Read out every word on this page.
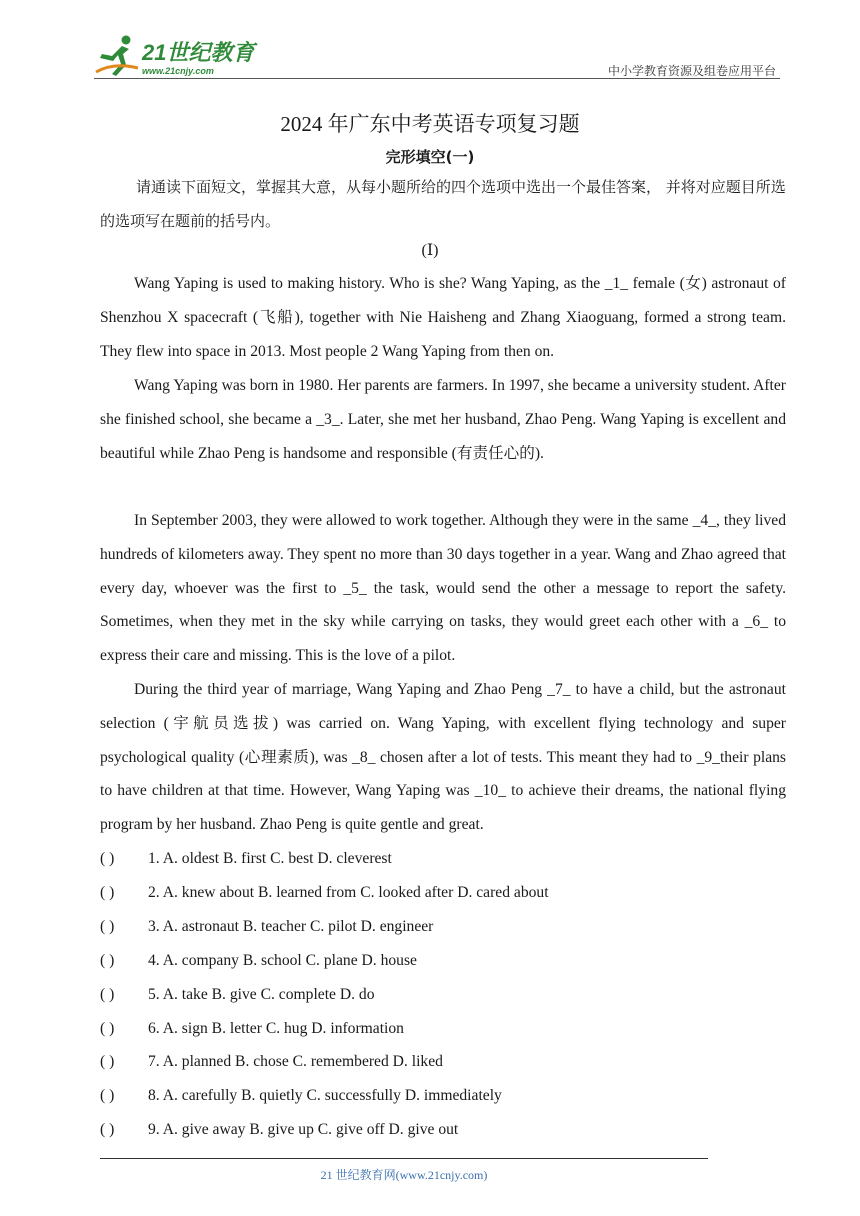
21世纪教育
www.21cnjy.com	中小学教育资源及组卷应用平台
2024 年广东中考英语专项复习题
完形填空(一)
请通读下面短文，掌握其大意，从每小题所给的四个选项中选出一个最佳答案， 并将对应题目所选的选项写在题前的括号内。
(Ⅰ)

Wang Yaping is used to making history. Who is she? Wang Yaping, as the _1_ female (女) astronaut of Shenzhou X spacecraft (飞船), together with Nie Haisheng and Zhang Xiaoguang, formed a strong team. They flew into space in 2013. Most people 2 Wang Yaping from then on.

Wang Yaping was born in 1980. Her parents are farmers. In 1997, she became a university student. After she finished school, she became a _3_. Later, she met her husband, Zhao Peng. Wang Yaping is excellent and beautiful while Zhao Peng is handsome and responsible (有责任心的).

In September 2003, they were allowed to work together. Although they were in the same _4_, they lived hundreds of kilometers away. They spent no more than 30 days together in a year. Wang and Zhao agreed that every day, whoever was the first to _5_ the task, would send the other a message to report the safety. Sometimes, when they met in the sky while carrying on tasks, they would greet each other with a _6_ to express their care and missing. This is the love of a pilot.

During the third year of marriage, Wang Yaping and Zhao Peng _7_ to have a child, but the astronaut selection (宇航员选拔) was carried on. Wang Yaping, with excellent flying technology and super psychological quality (心理素质), was _8_ chosen after a lot of tests. This meant they had to _9_their plans to have children at that time. However, Wang Yaping was _10_ to achieve their dreams, the national flying program by her husband. Zhao Peng is quite gentle and great.

( )	1. A. oldest B. first C. best D. cleverest
( )	2. A. knew about B. learned from C. looked after D. cared about
( )	3. A. astronaut B. teacher C. pilot D. engineer
( )	4. A. company B. school C. plane D. house
( )	5. A. take B. give C. complete D. do
( )	6. A. sign B. letter C. hug D. information
( )	7. A. planned B. chose C. remembered D. liked
( )	8. A. carefully B. quietly C. successfully D. immediately
( )	9. A. give away B. give up C. give off D. give out
21 世纪教育网(www.21cnjy.com)
